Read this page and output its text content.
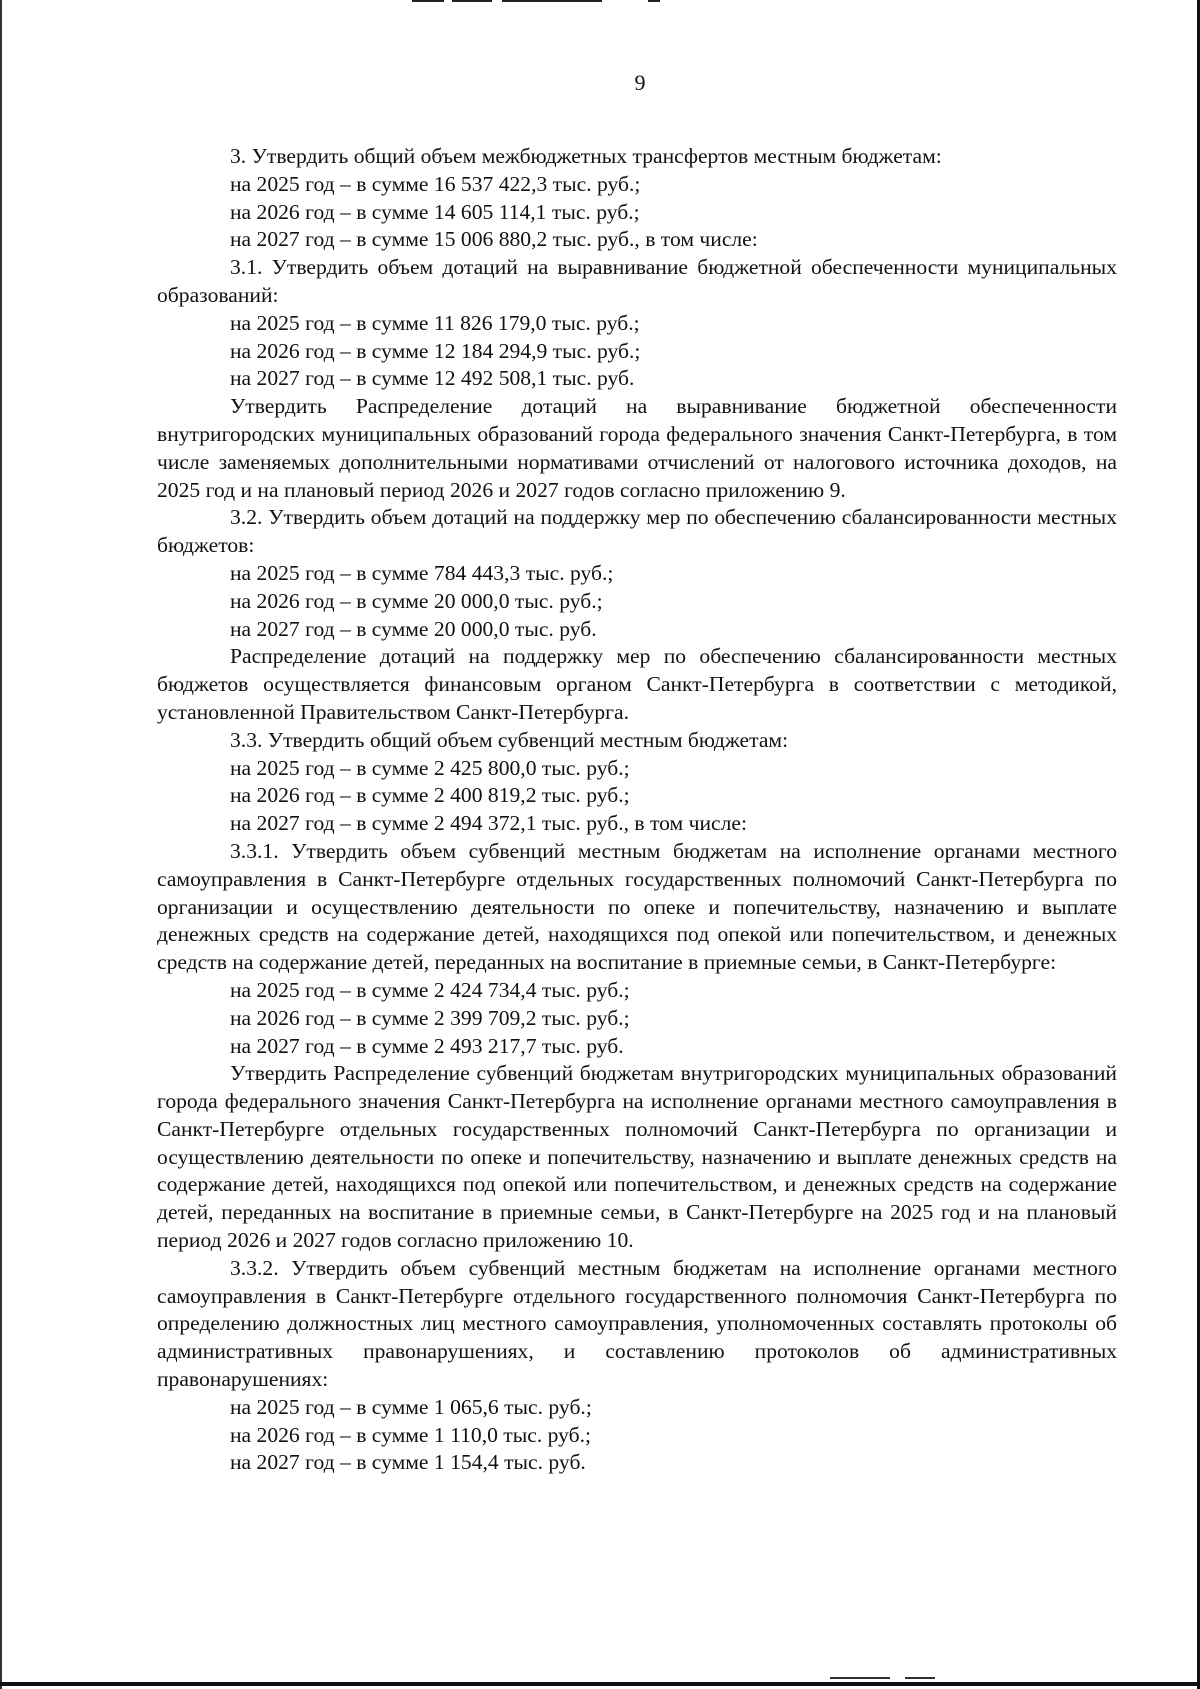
9

3. Утвердить общий объем межбюджетных трансфертов местным бюджетам:

на 2025 год – в сумме 16 537 422,3 тыс. руб.;

на 2026 год – в сумме 14 605 114,1 тыс. руб.;

на 2027 год – в сумме 15 006 880,2 тыс. руб., в том числе:

3.1. Утвердить объем дотаций на выравнивание бюджетной обеспеченности муниципальных образований:

на 2025 год – в сумме 11 826 179,0 тыс. руб.;

на 2026 год – в сумме 12 184 294,9 тыс. руб.;

на 2027 год – в сумме 12 492 508,1 тыс. руб.

Утвердить Распределение дотаций на выравнивание бюджетной обеспеченности внутригородских муниципальных образований города федерального значения Санкт-Петербурга, в том числе заменяемых дополнительными нормативами отчислений от налогового источника доходов, на 2025 год и на плановый период 2026 и 2027 годов согласно приложению 9.

3.2. Утвердить объем дотаций на поддержку мер по обеспечению сбалансированности местных бюджетов:

на 2025 год – в сумме 784 443,3 тыс. руб.;

на 2026 год – в сумме 20 000,0 тыс. руб.;

на 2027 год – в сумме 20 000,0 тыс. руб.

Распределение дотаций на поддержку мер по обеспечению сбалансированности местных бюджетов осуществляется финансовым органом Санкт-Петербурга в соответствии с методикой, установленной Правительством Санкт-Петербурга.

3.3. Утвердить общий объем субвенций местным бюджетам:

на 2025 год – в сумме 2 425 800,0 тыс. руб.;

на 2026 год – в сумме 2 400 819,2 тыс. руб.;

на 2027 год – в сумме 2 494 372,1 тыс. руб., в том числе:

3.3.1. Утвердить объем субвенций местным бюджетам на исполнение органами местного самоуправления в Санкт-Петербурге отдельных государственных полномочий Санкт-Петербурга по организации и осуществлению деятельности по опеке и попечительству, назначению и выплате денежных средств на содержание детей, находящихся под опекой или попечительством, и денежных средств на содержание детей, переданных на воспитание в приемные семьи, в Санкт-Петербурге:

на 2025 год – в сумме 2 424 734,4 тыс. руб.;

на 2026 год – в сумме 2 399 709,2 тыс. руб.;

на 2027 год – в сумме 2 493 217,7 тыс. руб.

Утвердить Распределение субвенций бюджетам внутригородских муниципальных образований города федерального значения Санкт-Петербурга на исполнение органами местного самоуправления в Санкт-Петербурге отдельных государственных полномочий Санкт-Петербурга по организации и осуществлению деятельности по опеке и попечительству, назначению и выплате денежных средств на содержание детей, находящихся под опекой или попечительством, и денежных средств на содержание детей, переданных на воспитание в приемные семьи, в Санкт-Петербурге на 2025 год и на плановый период 2026 и 2027 годов согласно приложению 10.

3.3.2. Утвердить объем субвенций местным бюджетам на исполнение органами местного самоуправления в Санкт-Петербурге отдельного государственного полномочия Санкт-Петербурга по определению должностных лиц местного самоуправления, уполномоченных составлять протоколы об административных правонарушениях, и составлению протоколов об административных правонарушениях:

на 2025 год – в сумме 1 065,6 тыс. руб.;

на 2026 год – в сумме 1 110,0 тыс. руб.;

на 2027 год – в сумме 1 154,4 тыс. руб.
